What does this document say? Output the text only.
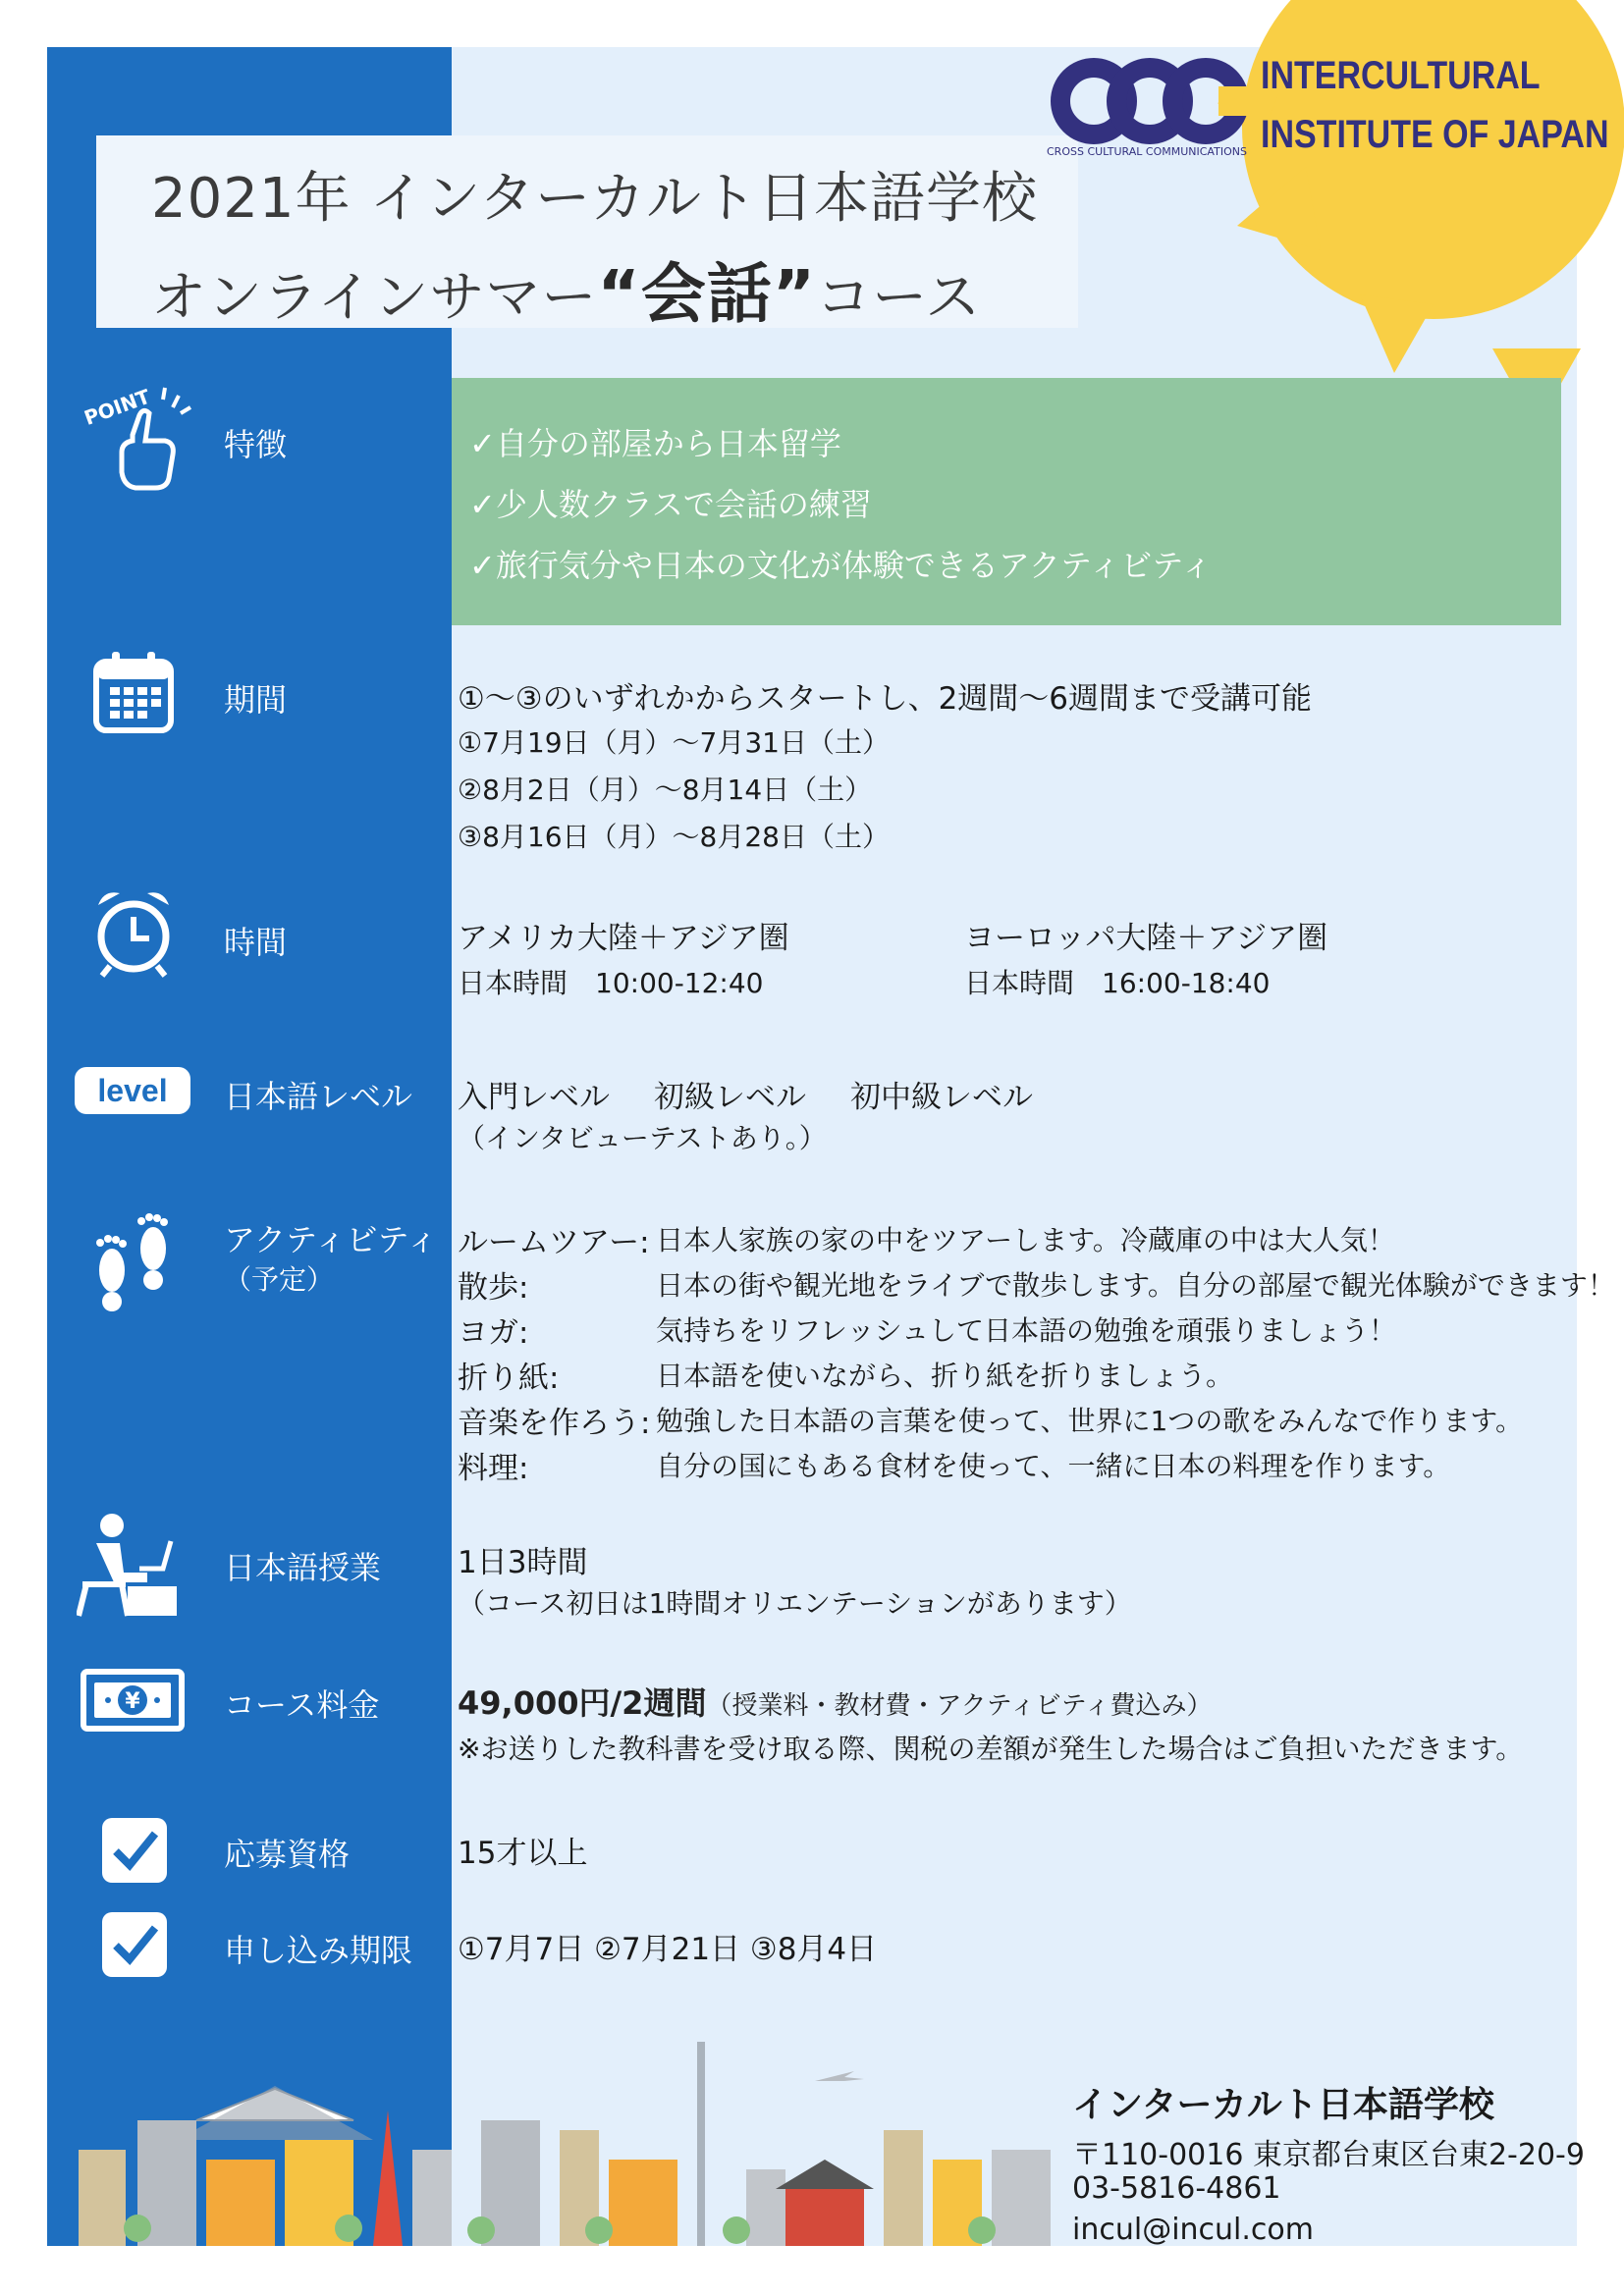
2021年 インターカルト日本語学校
オンラインサマー“会話”コース
CROSS CULTURAL COMMUNICATIONS
INTERCULTURAL
INSTITUTE OF JAPAN
POINT
特徴	✓自分の部屋から日本留学
✓少人数クラスで会話の練習
✓旅行気分や日本の文化が体験できるアクティビティ
期間	①～③のいずれかからスタートし、2週間～6週間まで受講可能
①7月19日（月）～7月31日（土）
②8月2日（月）～8月14日（土）
③8月16日（月）～8月28日（土）
時間	アメリカ大陸＋アジア圏
日本時間　10:00-12:40
ヨーロッパ大陸＋アジア圏
日本時間　16:00-18:40
level	日本語レベル 入門レベル 初級レベル 初中級レベル
（インタビューテストあり。）
アクティビティ
（予定）
ルームツアー: 日本人家族の家の中をツアーします。冷蔵庫の中は大人気！
散歩:	日本の街や観光地をライブで散歩します。自分の部屋で観光体験ができます！
ヨガ:	気持ちをリフレッシュして日本語の勉強を頑張りましょう！
折り紙:	日本語を使いながら、折り紙を折りましょう。
音楽を作ろう: 勉強した日本語の言葉を使って、世界に1つの歌をみんなで作ります。
料理:	自分の国にもある食材を使って、一緒に日本の料理を作ります。
日本語授業	1日3時間
（コース初日は1時間オリエンテーションがあります）
¥	コース料金 49,000円/2週間（授業料・教材費・アクティビティ費込み）
※お送りした教科書を受け取る際、関税の差額が発生した場合はご負担いただきます。
応募資格	15才以上
申し込み期限 ①7月7日 ②7月21日 ③8月4日
インターカルト日本語学校
〒110-0016 東京都台東区台東2-20-9
03-5816-4861
incul@incul.com
